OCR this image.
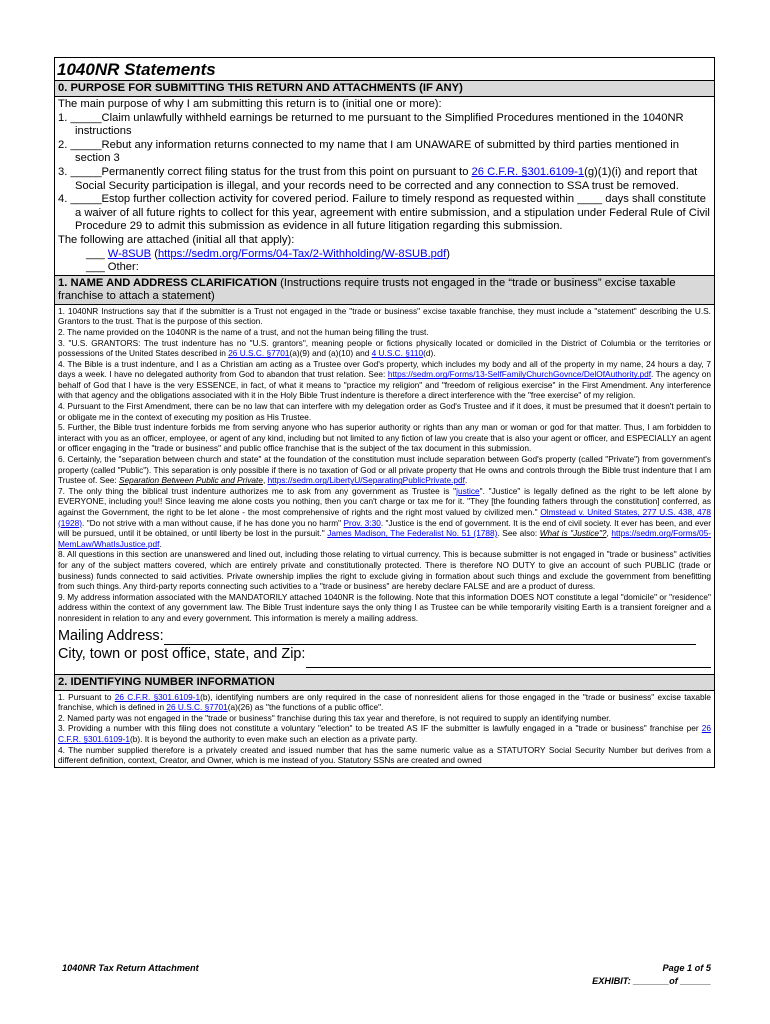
1040NR Statements
0. PURPOSE FOR SUBMITTING THIS RETURN AND ATTACHMENTS (IF ANY)

The main purpose of why I am submitting this return is to (initial one or more):

1. _____Claim unlawfully withheld earnings be returned to me pursuant to the Simplified Procedures mentioned in the 1040NR instructions

2. _____Rebut any information returns connected to my name that I am UNAWARE of submitted by third parties mentioned in section 3

3. _____Permanently correct filing status for the trust from this point on pursuant to 26 C.F.R. §301.6109-1(g)(1)(i) and report that Social Security participation is illegal, and your records need to be corrected and any connection to SSA trust be removed.

4. _____Estop further collection activity for covered period. Failure to timely respond as requested within ____ days shall constitute a waiver of all future rights to collect for this year, agreement with entire submission, and a stipulation under Federal Rule of Civil Procedure 29 to admit this submission as evidence in all future litigation regarding this submission.

The following are attached (initial all that apply):

___ W-8SUB (https://sedm.org/Forms/04-Tax/2-Withholding/W-8SUB.pdf)

___ Other:

1. NAME AND ADDRESS CLARIFICATION (Instructions require trusts not engaged in the “trade or business” excise taxable franchise to attach a statement)

1. 1040NR Instructions say that if the submitter is a Trust not engaged in the "trade or business" excise taxable franchise, they must include a "statement" describing the U.S. Grantors to the trust. That is the purpose of this section.

2. The name provided on the 1040NR is the name of a trust, and not the human being filling the trust.

3. "U.S. GRANTORS: The trust indenture has no "U.S. grantors", meaning people or fictions physically located or domiciled in the District of Columbia or the territories or possessions of the United States described in 26 U.S.C. §7701(a)(9) and (a)(10) and 4 U.S.C. §110(d).

4. The Bible is a trust indenture, and I as a Christian am acting as a Trustee over God's property, which includes my body and all of the property in my name, 24 hours a day, 7 days a week. I have no delegated authority from God to abandon that trust relation. See: https://sedm.org/Forms/13-SelfFamilyChurchGovnce/DelOfAuthority.pdf. The agency on behalf of God that I have is the very ESSENCE, in fact, of what it means to "practice my religion" and "freedom of religious exercise" in the First Amendment. Any interference with that agency and the obligations associated with it in the Holy Bible Trust indenture is therefore a direct interference with the "free exercise" of my religion.

4. Pursuant to the First Amendment, there can be no law that can interfere with my delegation order as God's Trustee and if it does, it must be presumed that it doesn't pertain to or obligate me in the context of executing my position as His Trustee.

5. Further, the Bible trust indenture forbids me from serving anyone who has superior authority or rights than any man or woman or god for that matter. Thus, I am forbidden to interact with you as an officer, employee, or agent of any kind, including but not limited to any fiction of law you create that is also your agent or officer, and ESPECIALLY an agent or officer engaging in the "trade or business" and public office franchise that is the subject of the tax document in this submission.

6. Certainly, the "separation between church and state" at the foundation of the constitution must include separation between God's property (called "Private") from government's property (called "Public"). This separation is only possible if there is no taxation of God or all private property that He owns and controls through the Bible trust indenture that I am Trustee of. See: Separation Between Public and Private, https://sedm.org/LibertyU/SeparatingPublicPrivate.pdf.

7. The only thing the biblical trust indenture authorizes me to ask from any government as Trustee is "justice". "Justice" is legally defined as the right to be left alone by EVERYONE, including you!! Since leaving me alone costs you nothing, then you can't charge or tax me for it. "They [the founding fathers through the constitution] conferred, as against the Government, the right to be let alone - the most comprehensive of rights and the right most valued by civilized men." Olmstead v. United States, 277 U.S. 438, 478 (1928). "Do not strive with a man without cause, if he has done you no harm" Prov. 3:30. "Justice is the end of government. It is the end of civil society. It ever has been, and ever will be pursued, until it be obtained, or until liberty be lost in the pursuit." James Madison, The Federalist No. 51 (1788). See also: What is "Justice"?, https://sedm.org/Forms/05-MemLaw/WhatIsJustice.pdf.

8. All questions in this section are unanswered and lined out, including those relating to virtual currency. This is because submitter is not engaged in "trade or business" activities for any of the subject matters covered, which are entirely private and constitutionally protected. There is therefore NO DUTY to give an account of such PUBLIC (trade or business) funds connected to said activities. Private ownership implies the right to exclude giving in formation about such things and exclude the government from benefitting from such things. Any third-party reports connecting such activities to a "trade or business" are hereby declare FALSE and are a product of duress.

9. My address information associated with the MANDATORILY attached 1040NR is the following. Note that this information DOES NOT constitute a legal "domicile" or "residence" address within the context of any government law. The Bible Trust indenture says the only thing I as Trustee can be while temporarily visiting Earth is a transient foreigner and a nonresident in relation to any and every government. This information is merely a mailing address.

Mailing Address:
City, town or post office, state, and Zip:
2. IDENTIFYING NUMBER INFORMATION

1. Pursuant to 26 C.F.R. §301.6109-1(b), identifying numbers are only required in the case of nonresident aliens for those engaged in the "trade or business" excise taxable franchise, which is defined in 26 U.S.C. §7701(a)(26) as "the functions of a public office".

2. Named party was not engaged in the "trade or business" franchise during this tax year and therefore, is not required to supply an identifying number.

3. Providing a number with this filing does not constitute a voluntary "election" to be treated AS IF the submitter is lawfully engaged in a "trade or business" franchise per 26 C.F.R. §301.6109-1(b). It is beyond the authority to even make such an election as a private party.

4. The number supplied therefore is a privately created and issued number that has the same numeric value as a STATUTORY Social Security Number but derives from a different definition, context, Creator, and Owner, which is me instead of you. Statutory SSNs are created and owned

1040NR Tax Return Attachment	Page 1 of 5
EXHIBIT: _______of ______
